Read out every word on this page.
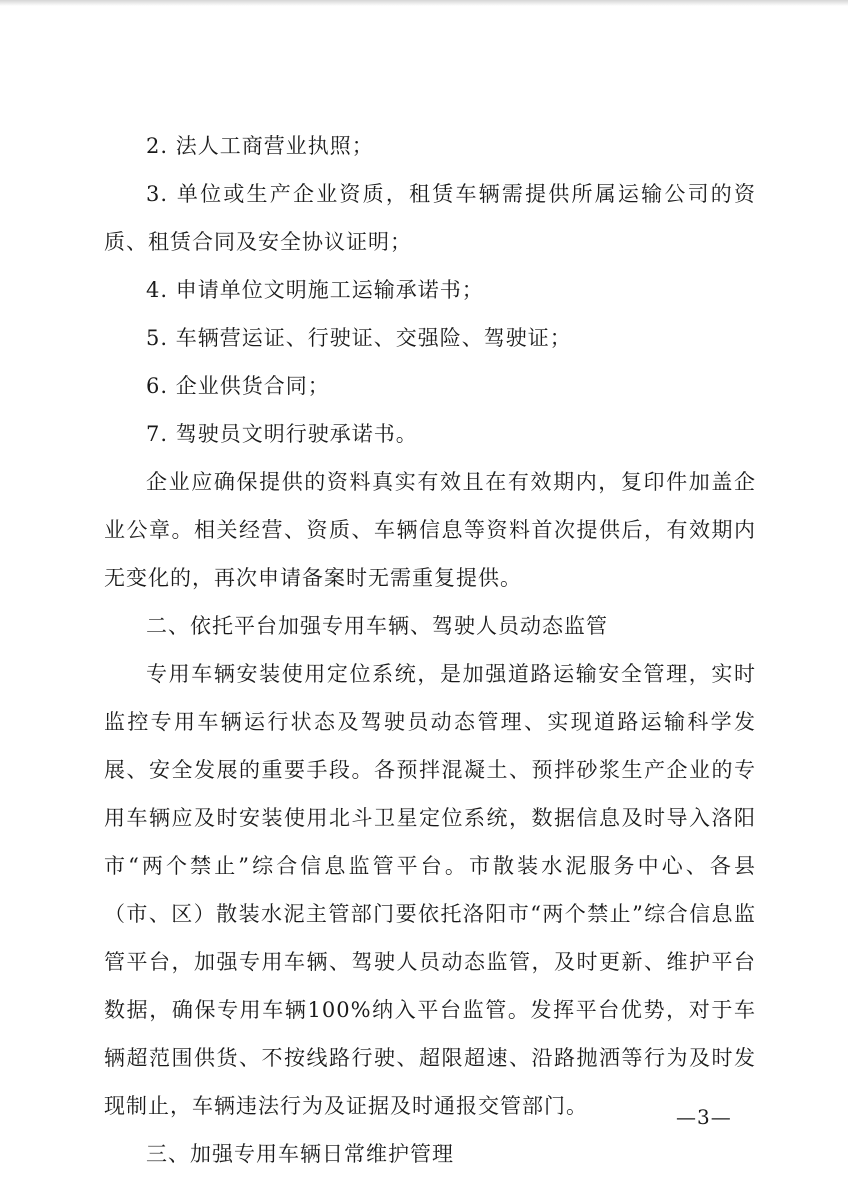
2. 法人工商营业执照；

3. 单位或生产企业资质，租赁车辆需提供所属运输公司的资质、租赁合同及安全协议证明；

4. 申请单位文明施工运输承诺书；

5. 车辆营运证、行驶证、交强险、驾驶证；

6. 企业供货合同；

7. 驾驶员文明行驶承诺书。

企业应确保提供的资料真实有效且在有效期内，复印件加盖企业公章。相关经营、资质、车辆信息等资料首次提供后，有效期内无变化的，再次申请备案时无需重复提供。

二、依托平台加强专用车辆、驾驶人员动态监管

专用车辆安装使用定位系统，是加强道路运输安全管理，实时监控专用车辆运行状态及驾驶员动态管理、实现道路运输科学发展、安全发展的重要手段。各预拌混凝土、预拌砂浆生产企业的专用车辆应及时安装使用北斗卫星定位系统，数据信息及时导入洛阳市“两个禁止”综合信息监管平台。市散装水泥服务中心、各县（市、区）散装水泥主管部门要依托洛阳市“两个禁止”综合信息监管平台，加强专用车辆、驾驶人员动态监管，及时更新、维护平台数据，确保专用车辆100%纳入平台监管。发挥平台优势，对于车辆超范围供货、不按线路行驶、超限超速、沿路抛洒等行为及时发现制止，车辆违法行为及证据及时通报交管部门。

三、加强专用车辆日常维护管理

—3—
